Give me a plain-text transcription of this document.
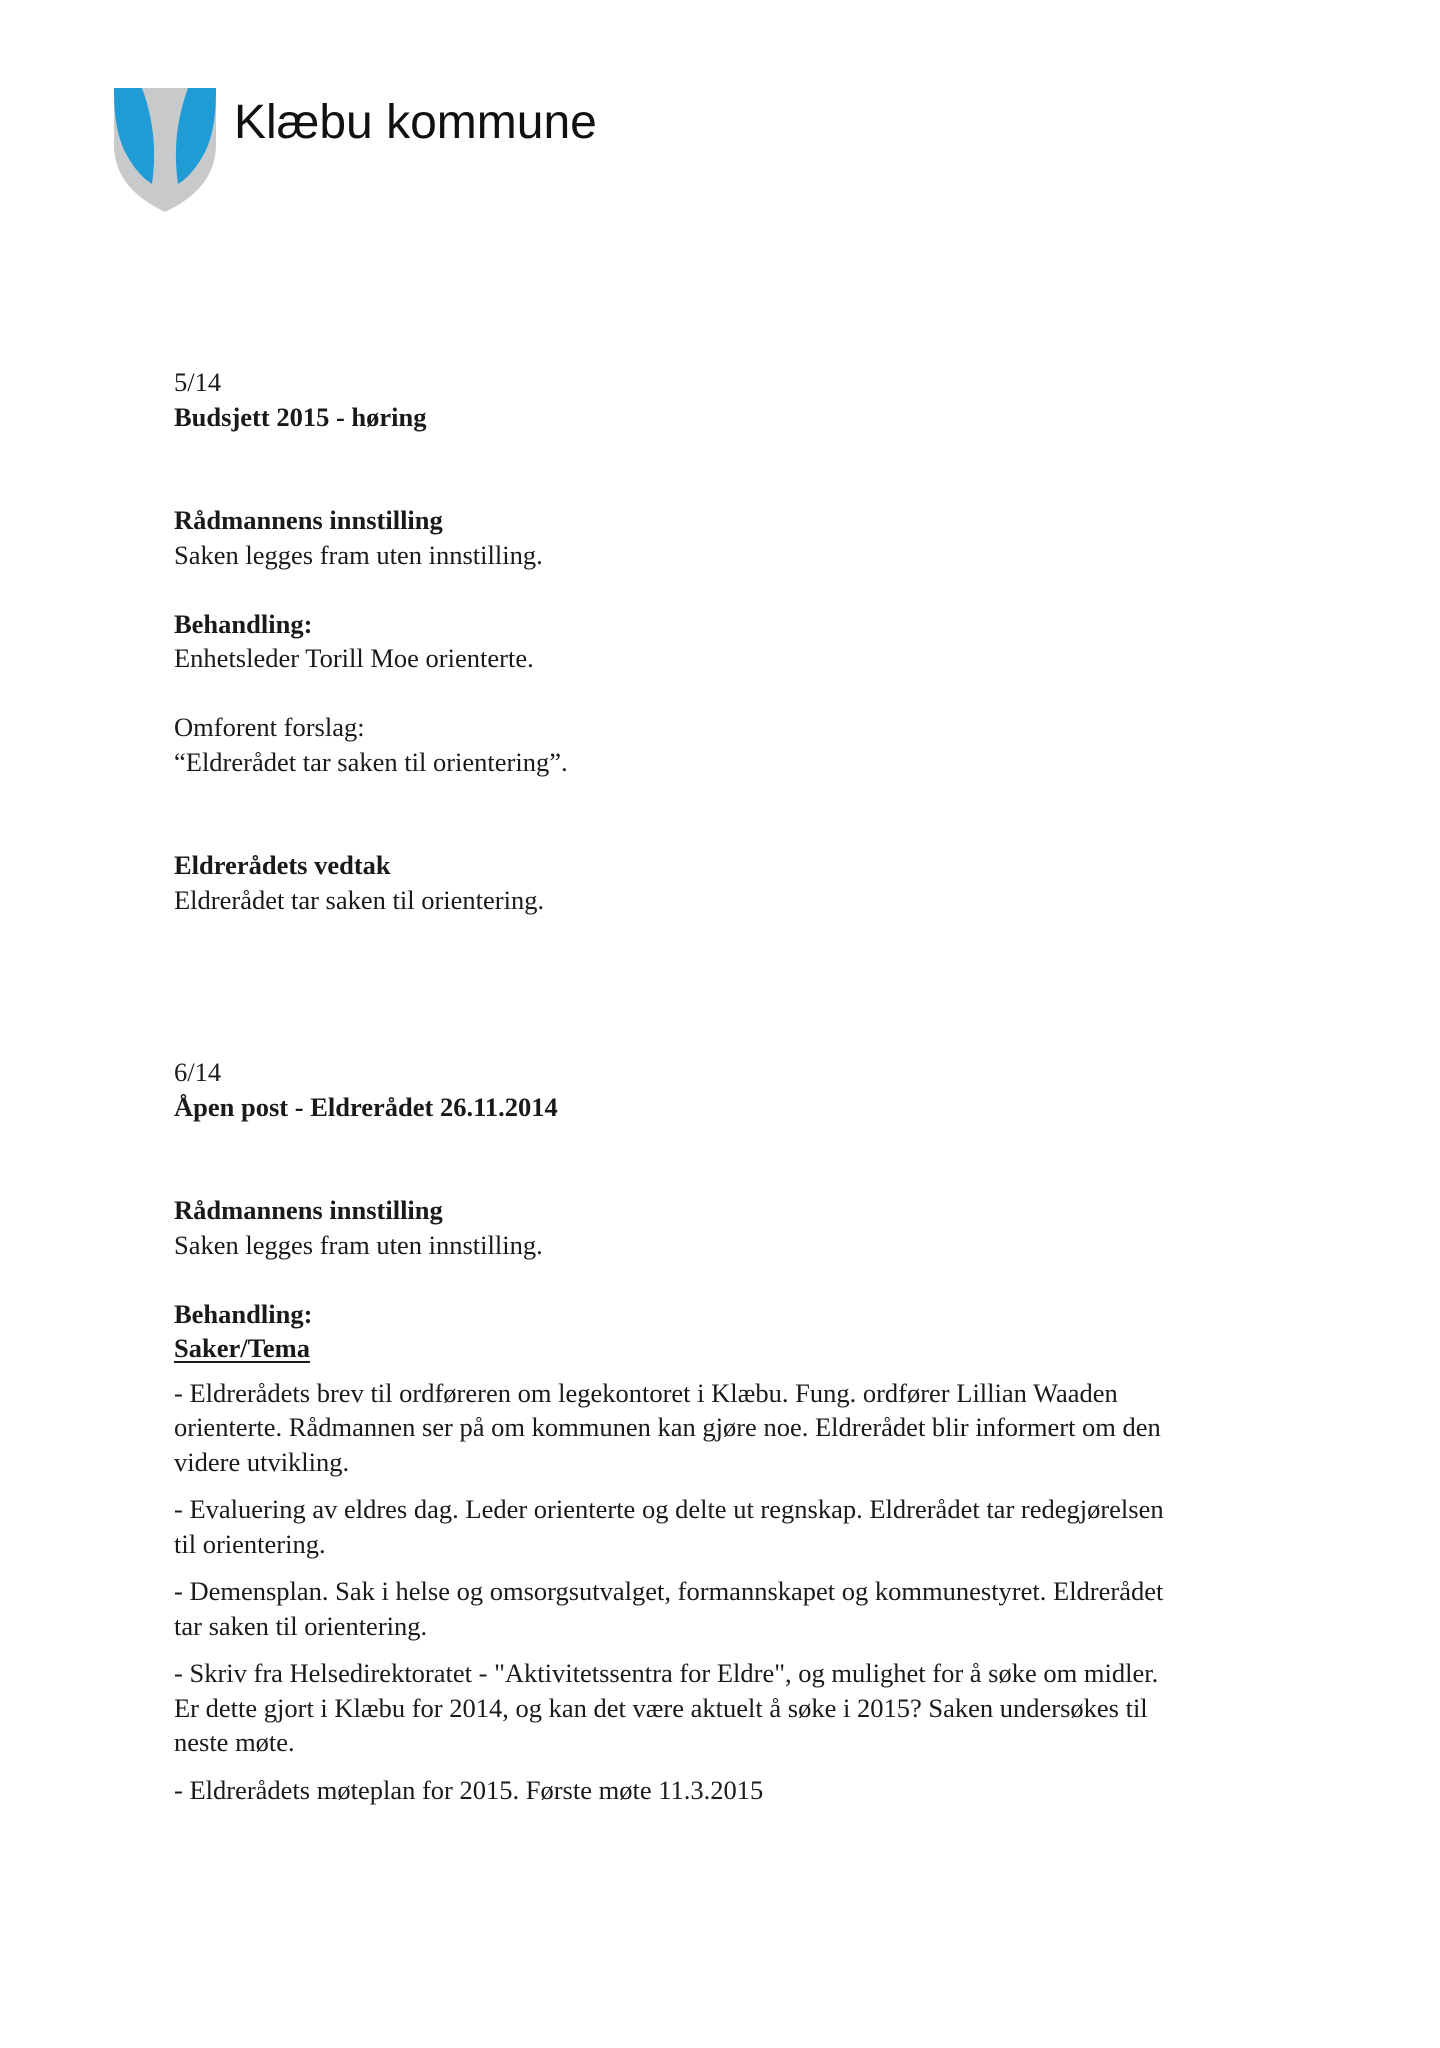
Klæbu kommune
5/14
Budsjett 2015 - høring
Rådmannens innstilling
Saken legges fram uten innstilling.
Behandling:
Enhetsleder Torill Moe orienterte.
Omforent forslag:
“Eldrerådet tar saken til orientering”.
Eldrerådets vedtak
Eldrerådet tar saken til orientering.
6/14
Åpen post - Eldrerådet 26.11.2014
Rådmannens innstilling
Saken legges fram uten innstilling.
Behandling:
Saker/Tema

- Eldrerådets brev til ordføreren om legekontoret i Klæbu. Fung. ordfører Lillian Waaden
orienterte. Rådmannen ser på om kommunen kan gjøre noe. Eldrerådet blir informert om den
videre utvikling.

- Evaluering av eldres dag. Leder orienterte og delte ut regnskap. Eldrerådet tar redegjørelsen
til orientering.

- Demensplan. Sak i helse og omsorgsutvalget, formannskapet og kommunestyret. Eldrerådet
tar saken til orientering.

- Skriv fra Helsedirektoratet - "Aktivitetssentra for Eldre", og mulighet for å søke om midler.
Er dette gjort i Klæbu for 2014, og kan det være aktuelt å søke i 2015? Saken undersøkes til
neste møte.

- Eldrerådets møteplan for 2015. Første møte 11.3.2015
